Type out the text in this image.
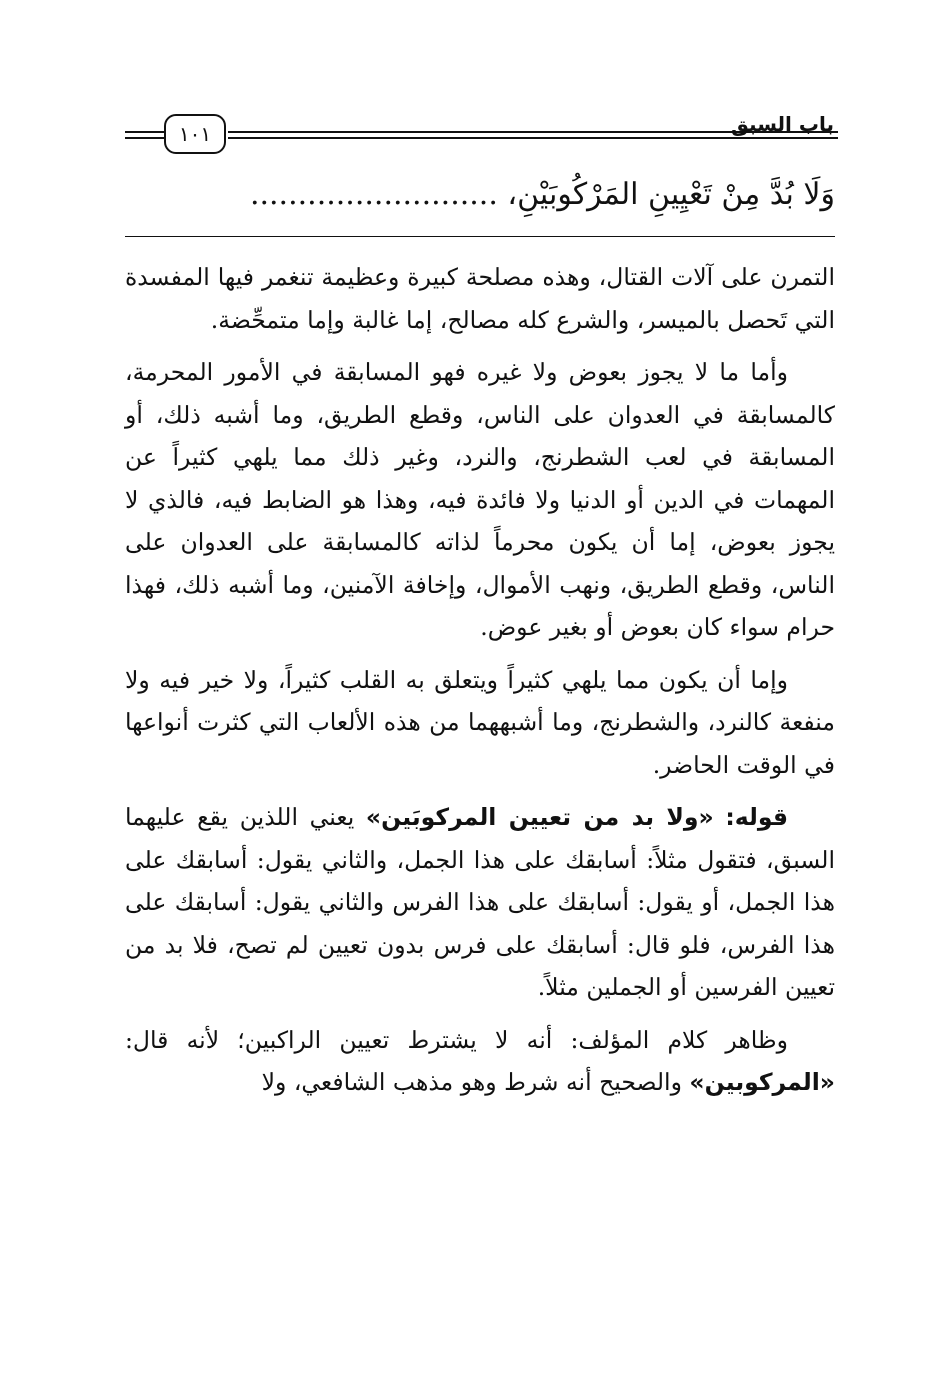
باب السبق
١٠١
وَلَا بُدَّ مِنْ تَعْيِينِ المَرْكُوبَيْنِ، ..........................

التمرن على آلات القتال، وهذه مصلحة كبيرة وعظيمة تنغمر فيها المفسدة التي تَحصل بالميسر، والشرع كله مصالح، إما غالبة وإما متمحِّضة.

وأما ما لا يجوز بعوض ولا غيره فهو المسابقة في الأمور المحرمة، كالمسابقة في العدوان على الناس، وقطع الطريق، وما أشبه ذلك، أو المسابقة في لعب الشطرنج، والنرد، وغير ذلك مما يلهي كثيراً عن المهمات في الدين أو الدنيا ولا فائدة فيه، وهذا هو الضابط فيه، فالذي لا يجوز بعوض، إما أن يكون محرماً لذاته كالمسابقة على العدوان على الناس، وقطع الطريق، ونهب الأموال، وإخافة الآمنين، وما أشبه ذلك، فهذا حرام سواء كان بعوض أو بغير عوض.

وإما أن يكون مما يلهي كثيراً ويتعلق به القلب كثيراً، ولا خير فيه ولا منفعة كالنرد، والشطرنج، وما أشبههما من هذه الألعاب التي كثرت أنواعها في الوقت الحاضر.

قوله: «ولا بد من تعيين المركوبَين» يعني اللذين يقع عليهما السبق، فتقول مثلاً: أسابقك على هذا الجمل، والثاني يقول: أسابقك على هذا الجمل، أو يقول: أسابقك على هذا الفرس والثاني يقول: أسابقك على هذا الفرس، فلو قال: أسابقك على فرس بدون تعيين لم تصح، فلا بد من تعيين الفرسين أو الجملين مثلاً.

وظاهر كلام المؤلف: أنه لا يشترط تعيين الراكبين؛ لأنه قال: «المركوبين» والصحيح أنه شرط وهو مذهب الشافعي، ولا
